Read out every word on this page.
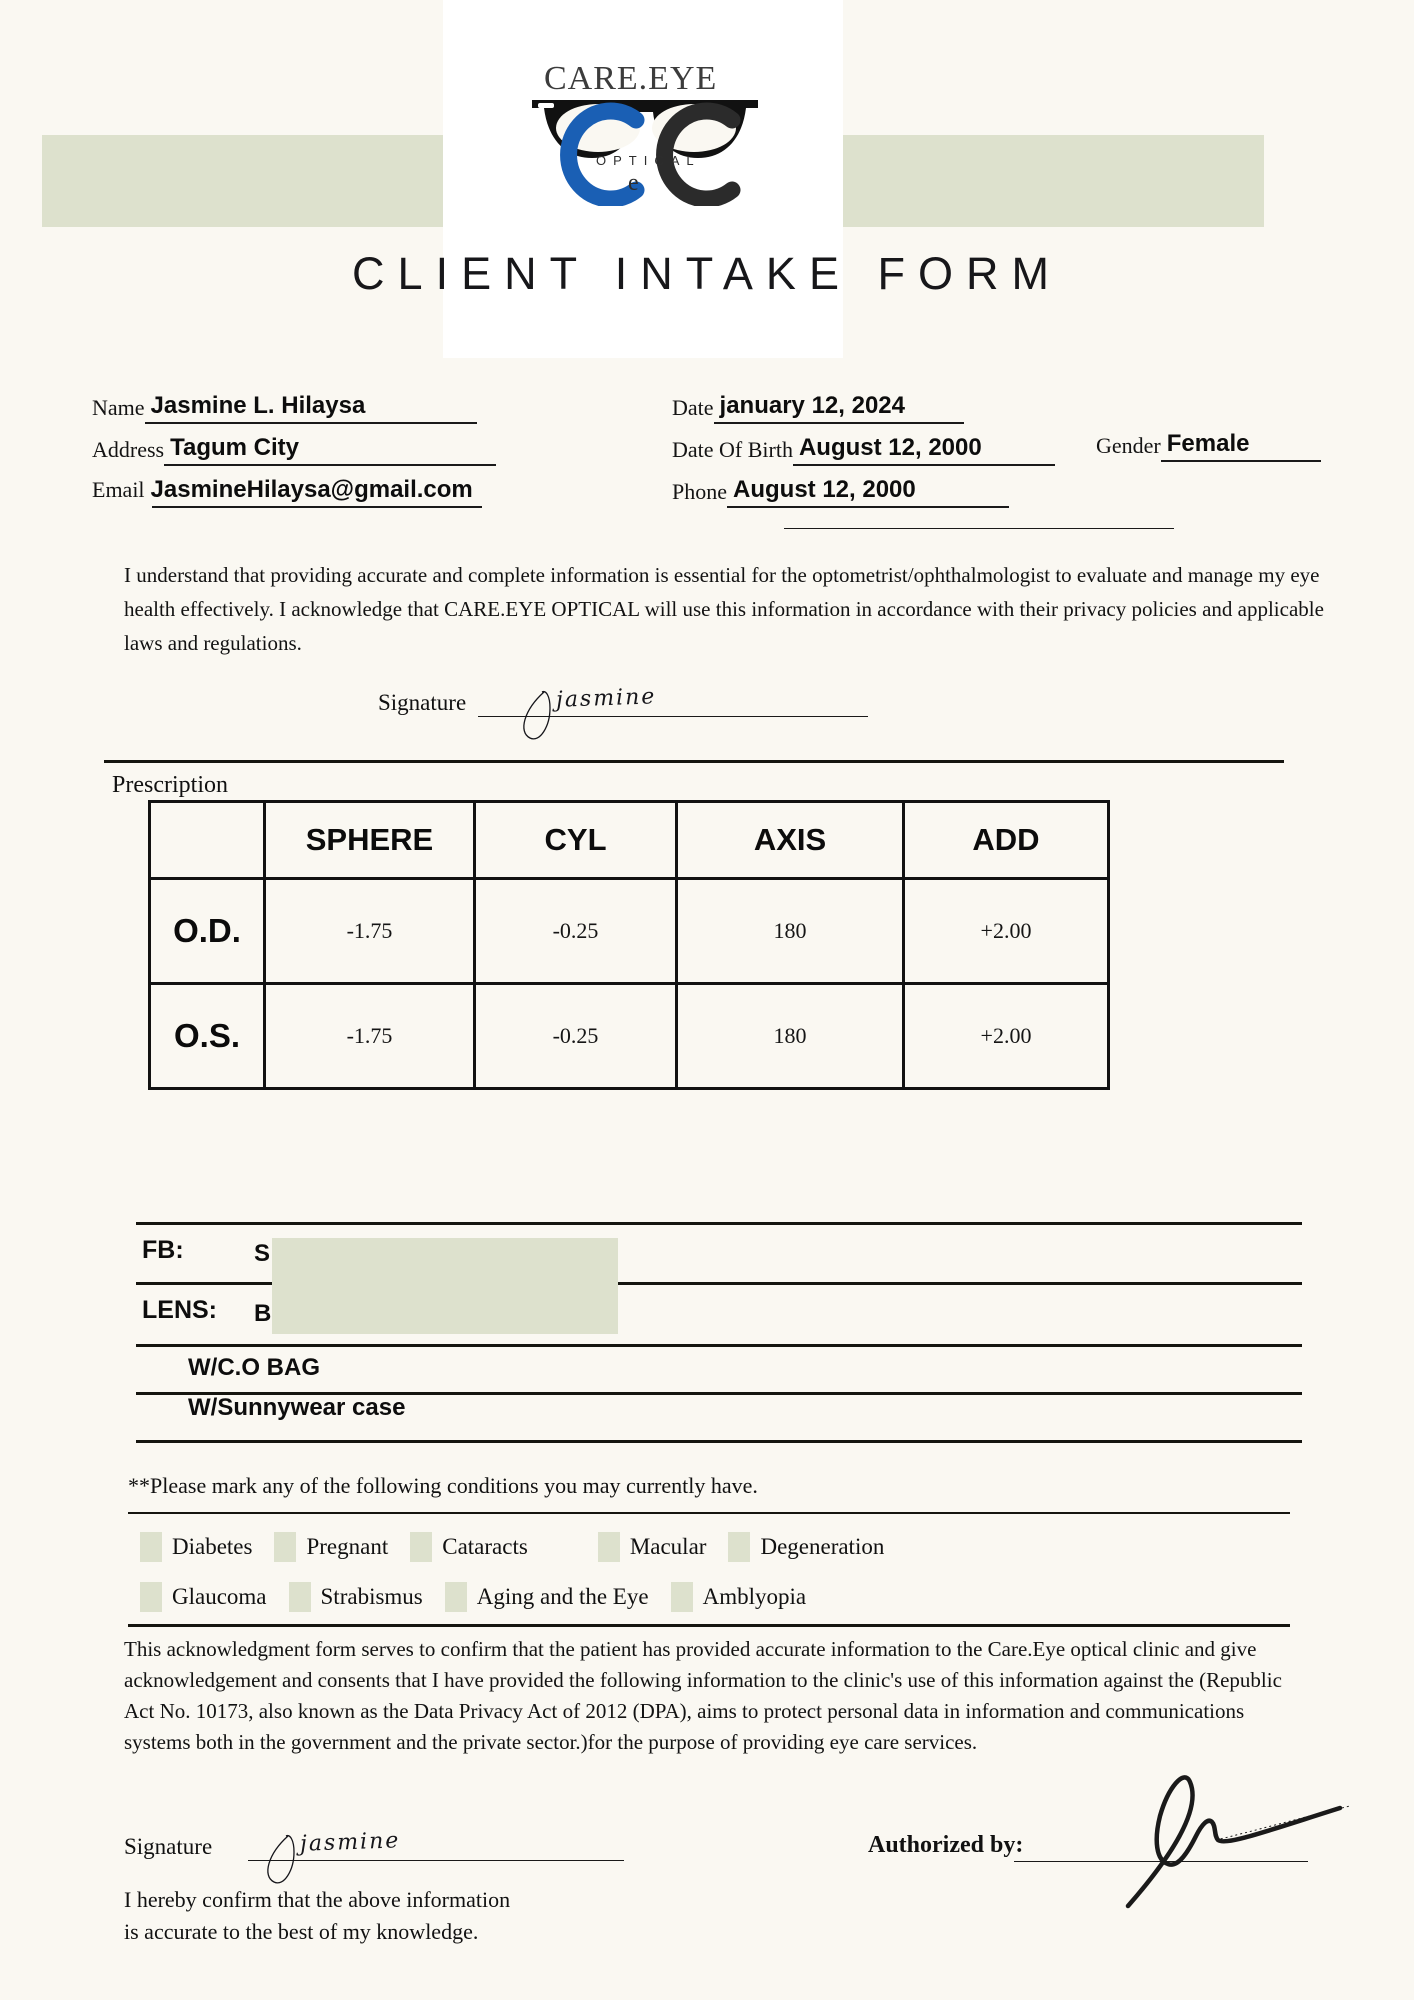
CARE.EYE
e
OPTICAL
CLIENT INTAKE FORM
Name Jasmine L. Hilaysa
Address Tagum City
Email JasmineHilaysa@gmail.com
Date january 12, 2024
Date Of Birth August 12, 2000	Gender Female
Phone August 12, 2000
I understand that providing accurate and complete information is essential for the optometrist/ophthalmologist to evaluate and manage my eye health effectively. I acknowledge that CARE.EYE OPTICAL will use this information in accordance with their privacy policies and applicable laws and regulations.
Signature	jasmine
Prescription
	SPHERE	CYL	AXIS	ADD
O.D.	-1.75	-0.25	180	+2.00
O.S.	-1.75	-0.25	180	+2.00
FB:	S
LENS: B
W/C.O BAG
W/Sunnywear case
**Please mark any of the following conditions you may currently have.
Diabetes Pregnant Cataracts	Macular Degeneration
Glaucoma Strabismus Aging and the Eye Amblyopia
This acknowledgment form serves to confirm that the patient has provided accurate information to the Care.Eye optical clinic and give acknowledgement and consents that I have provided the following information to the clinic's use of this information against the (Republic Act No. 10173, also known as the Data Privacy Act of 2012 (DPA), aims to protect personal data in information and communications systems both in the government and the private sector.)for the purpose of providing eye care services.
Signature	jasmine
I hereby confirm that the above information
is accurate to the best of my knowledge.
Authorized by:
